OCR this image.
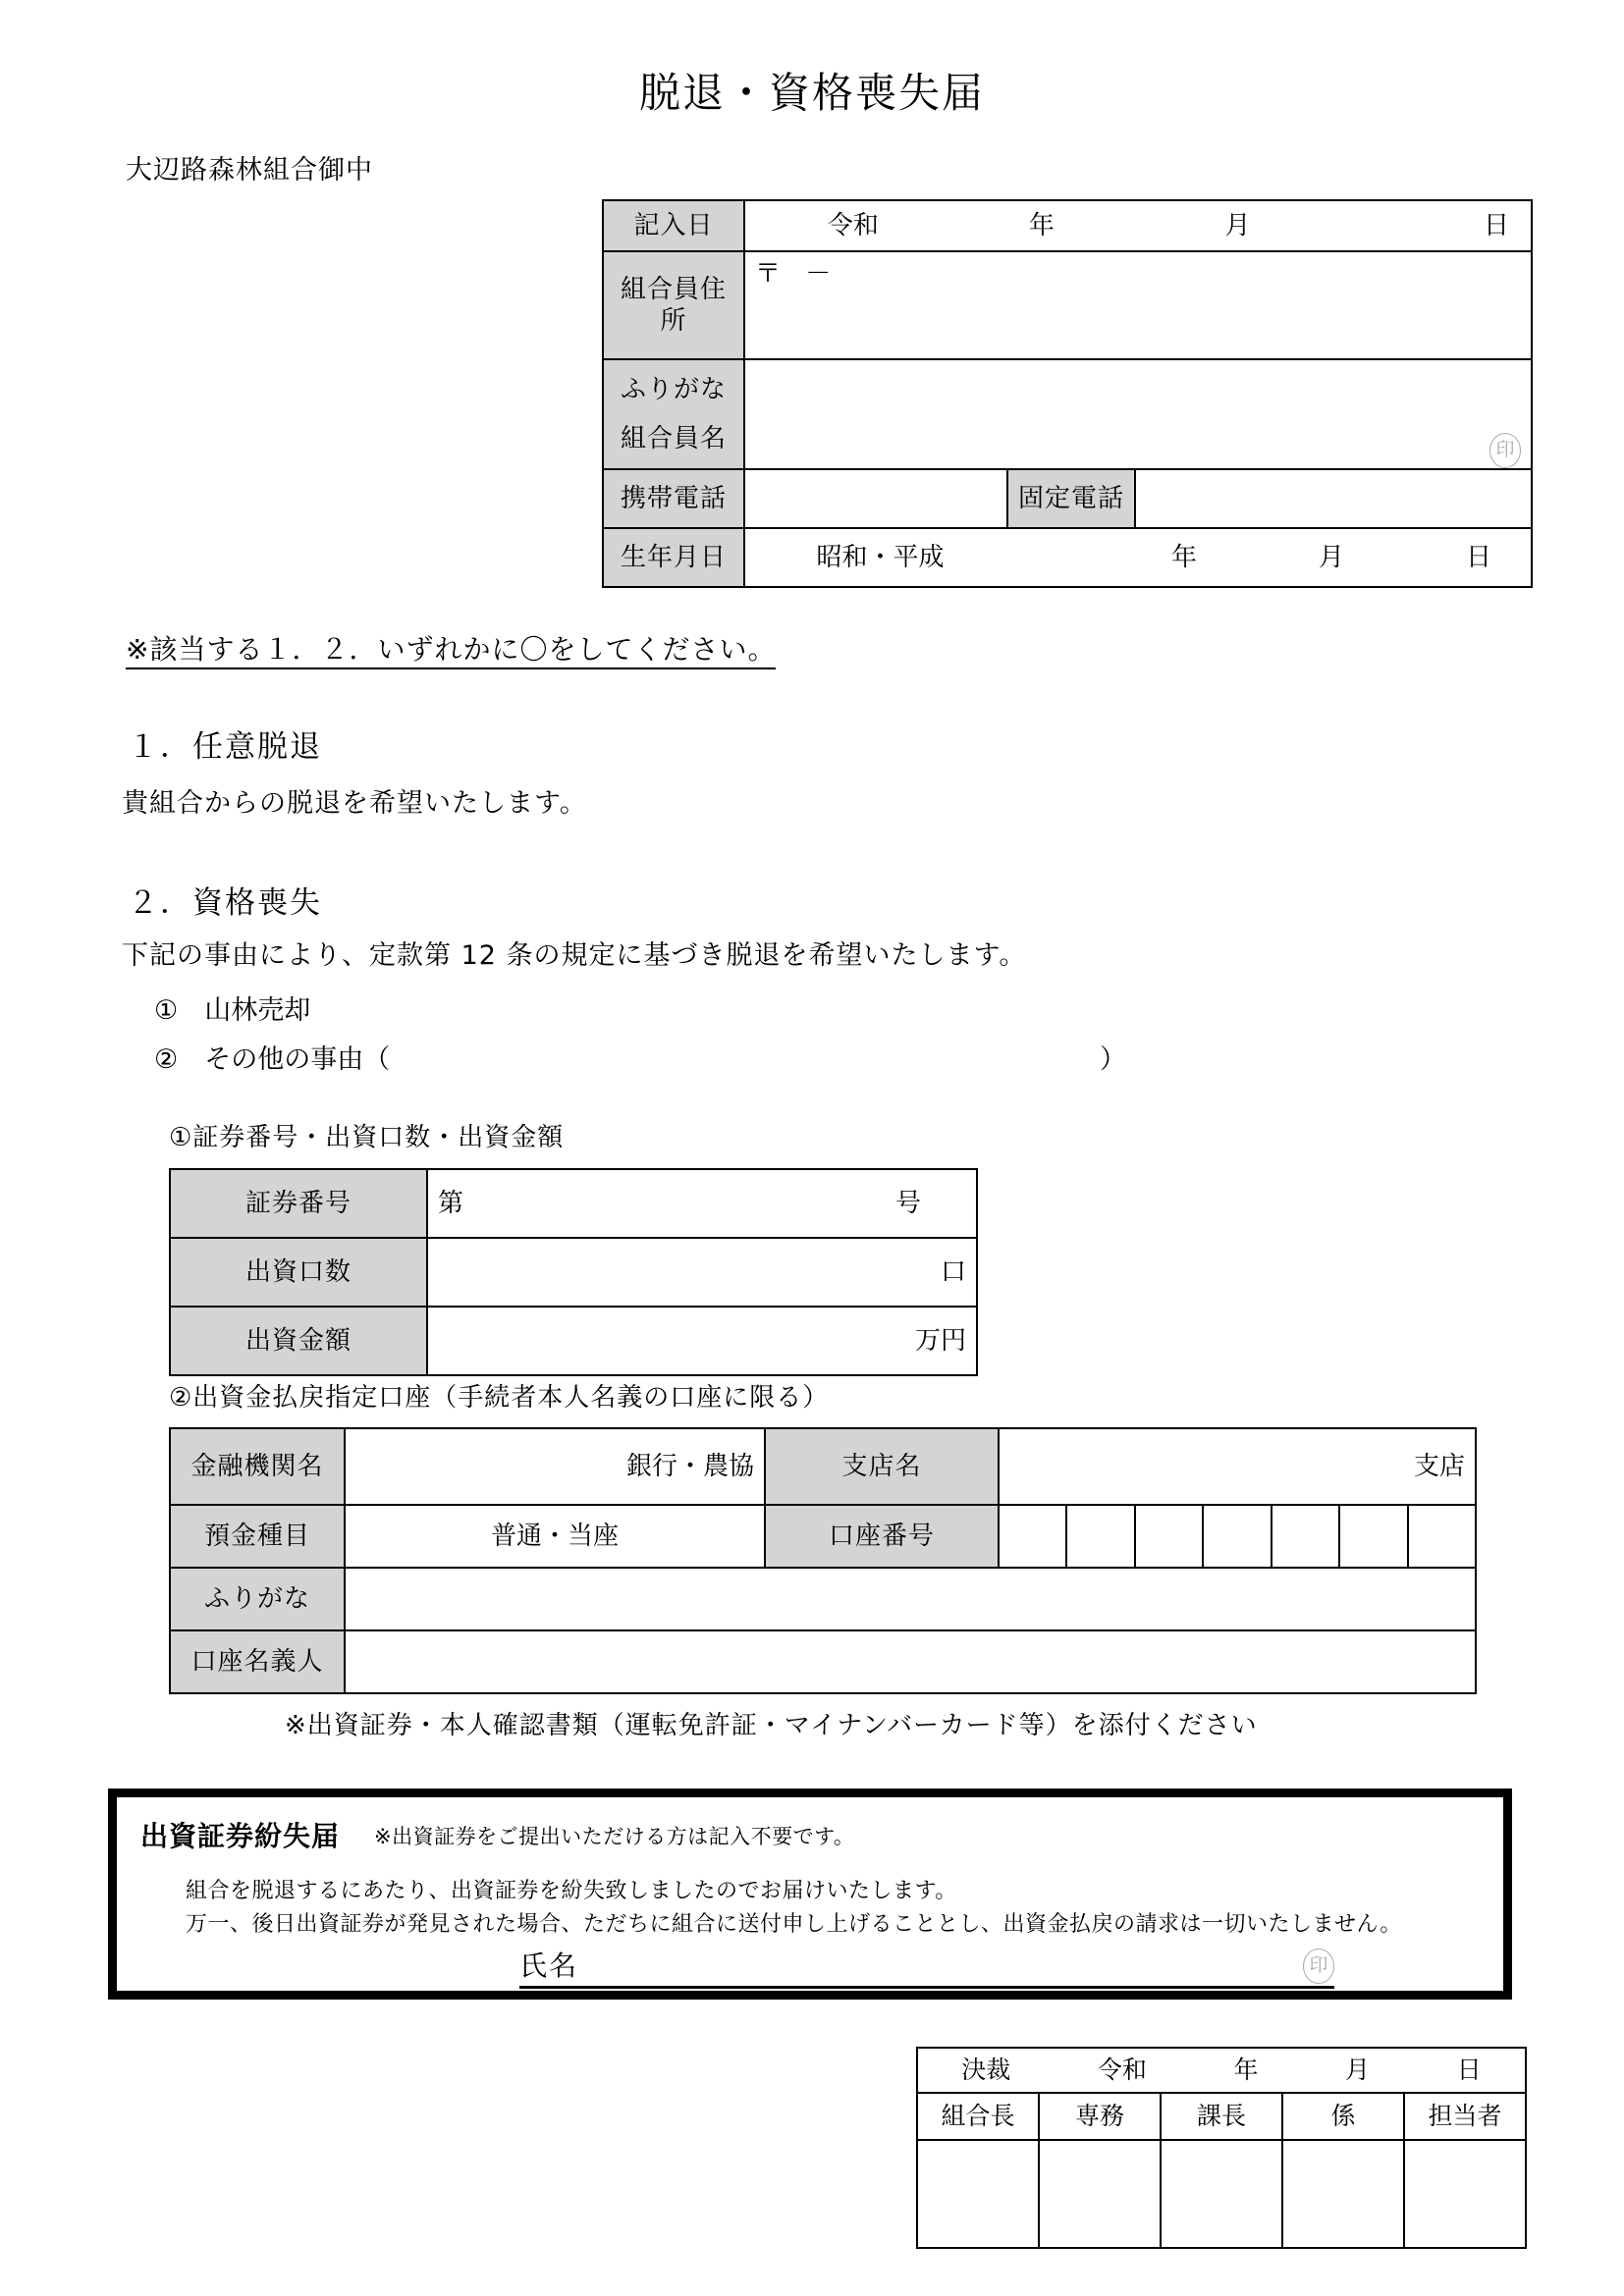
脱退・資格喪失届
大辺路森林組合御中
記入日	令和 年 月 日		

組合員住所	〒 －		

ふりがな
組合員名	印		

携帯電話		固定電話	
生年月日	昭和・平成 年 月 日		
※該当する１．２．いずれかに〇をしてください。
１．任意脱退
貴組合からの脱退を希望いたします。
２．資格喪失
下記の事由により、定款第 12 条の規定に基づき脱退を希望いたします。
①　山林売却
②　その他の事由（	）
①証券番号・出資口数・出資金額
証券番号	第 号

出資口数	口
出資金額	万円
②出資金払戻指定口座（手続者本人名義の口座に限る）
金融機関名	銀行・農協	支店名	支店

預金種目	普通・当座	口座番号	

ふりがな			
口座名義人			
※出資証券・本人確認書類（運転免許証・マイナンバーカード等）を添付ください
出資証券紛失届 ※出資証券をご提出いただける方は記入不要です。
組合を脱退するにあたり、出資証券を紛失致しましたのでお届けいたします。
万一、後日出資証券が発見された場合、ただちに組合に送付申し上げることとし、出資金払戻の請求は一切いたしません。
氏名	印
決裁 令和 年 月 日				

組合長	専務	課長	係	担当者
